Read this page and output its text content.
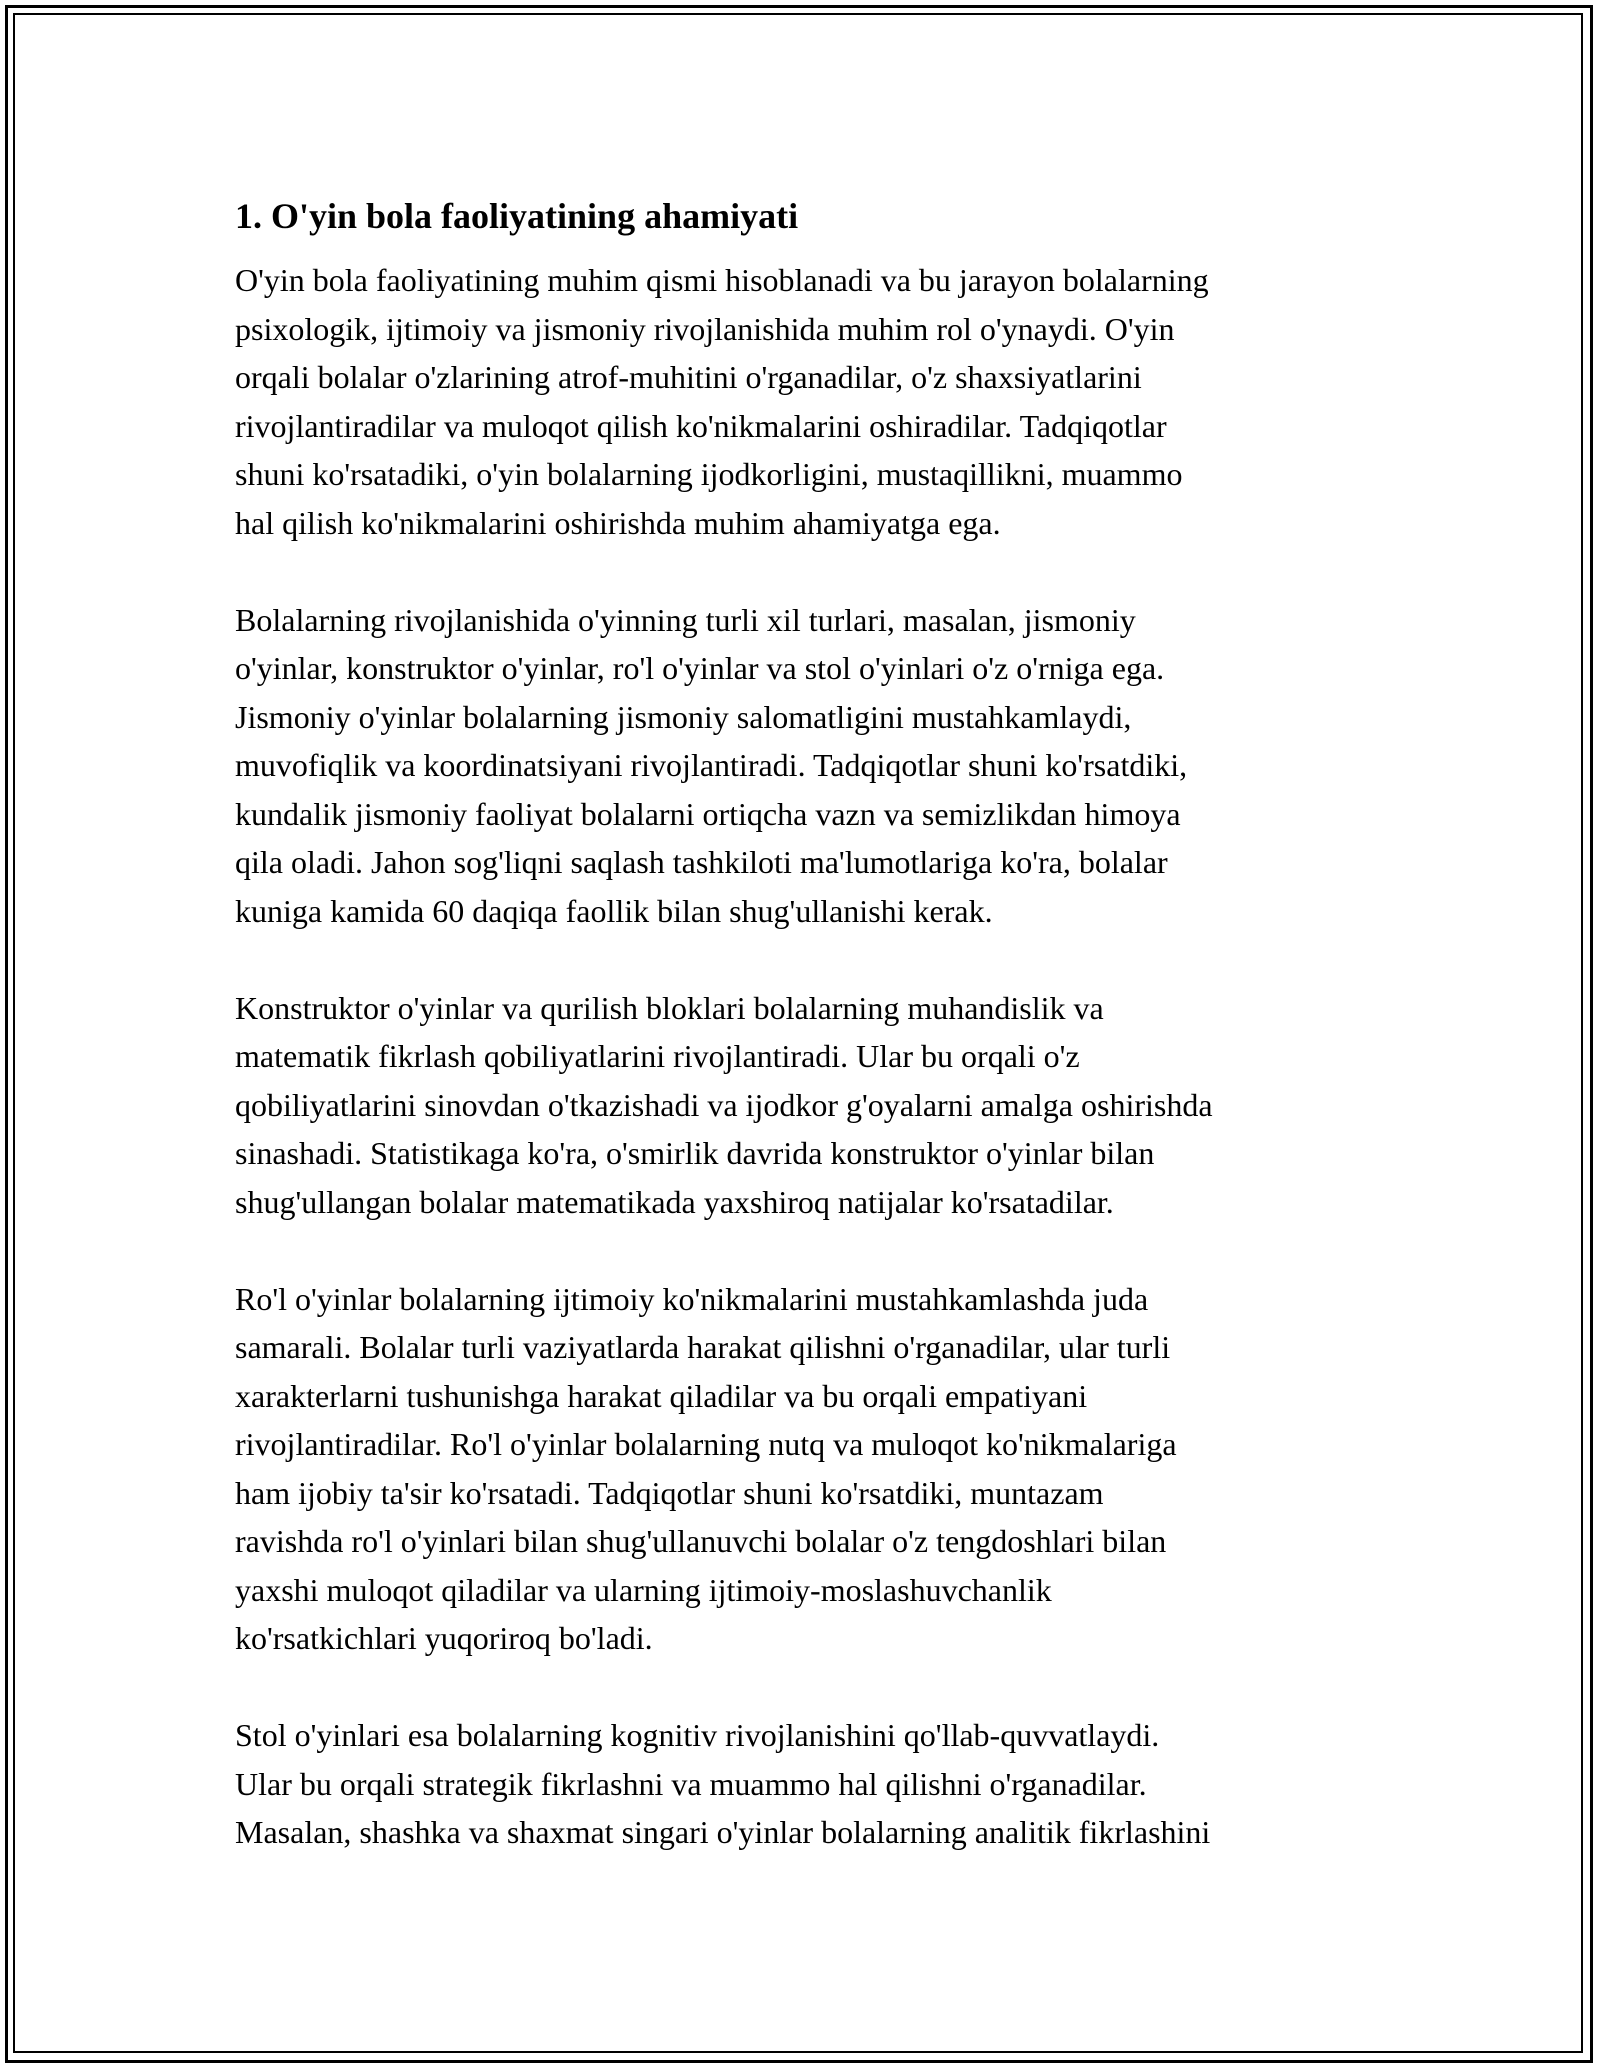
1. O'yin bola faoliyatining ahamiyati

O'yin bola faoliyatining muhim qismi hisoblanadi va bu jarayon bolalarning
psixologik, ijtimoiy va jismoniy rivojlanishida muhim rol o'ynaydi. O'yin
orqali bolalar o'zlarining atrof-muhitini o'rganadilar, o'z shaxsiyatlarini
rivojlantiradilar va muloqot qilish ko'nikmalarini oshiradilar. Tadqiqotlar
shuni ko'rsatadiki, o'yin bolalarning ijodkorligini, mustaqillikni, muammo
hal qilish ko'nikmalarini oshirishda muhim ahamiyatga ega.

Bolalarning rivojlanishida o'yinning turli xil turlari, masalan, jismoniy
o'yinlar, konstruktor o'yinlar, ro'l o'yinlar va stol o'yinlari o'z o'rniga ega.
Jismoniy o'yinlar bolalarning jismoniy salomatligini mustahkamlaydi,
muvofiqlik va koordinatsiyani rivojlantiradi. Tadqiqotlar shuni ko'rsatdiki,
kundalik jismoniy faoliyat bolalarni ortiqcha vazn va semizlikdan himoya
qila oladi. Jahon sog'liqni saqlash tashkiloti ma'lumotlariga ko'ra, bolalar
kuniga kamida 60 daqiqa faollik bilan shug'ullanishi kerak.

Konstruktor o'yinlar va qurilish bloklari bolalarning muhandislik va
matematik fikrlash qobiliyatlarini rivojlantiradi. Ular bu orqali o'z
qobiliyatlarini sinovdan o'tkazishadi va ijodkor g'oyalarni amalga oshirishda
sinashadi. Statistikaga ko'ra, o'smirlik davrida konstruktor o'yinlar bilan
shug'ullangan bolalar matematikada yaxshiroq natijalar ko'rsatadilar.

Ro'l o'yinlar bolalarning ijtimoiy ko'nikmalarini mustahkamlashda juda
samarali. Bolalar turli vaziyatlarda harakat qilishni o'rganadilar, ular turli
xarakterlarni tushunishga harakat qiladilar va bu orqali empatiyani
rivojlantiradilar. Ro'l o'yinlar bolalarning nutq va muloqot ko'nikmalariga
ham ijobiy ta'sir ko'rsatadi. Tadqiqotlar shuni ko'rsatdiki, muntazam
ravishda ro'l o'yinlari bilan shug'ullanuvchi bolalar o'z tengdoshlari bilan
yaxshi muloqot qiladilar va ularning ijtimoiy-moslashuvchanlik
ko'rsatkichlari yuqoriroq bo'ladi.

Stol o'yinlari esa bolalarning kognitiv rivojlanishini qo'llab-quvvatlaydi.
Ular bu orqali strategik fikrlashni va muammo hal qilishni o'rganadilar.
Masalan, shashka va shaxmat singari o'yinlar bolalarning analitik fikrlashini
